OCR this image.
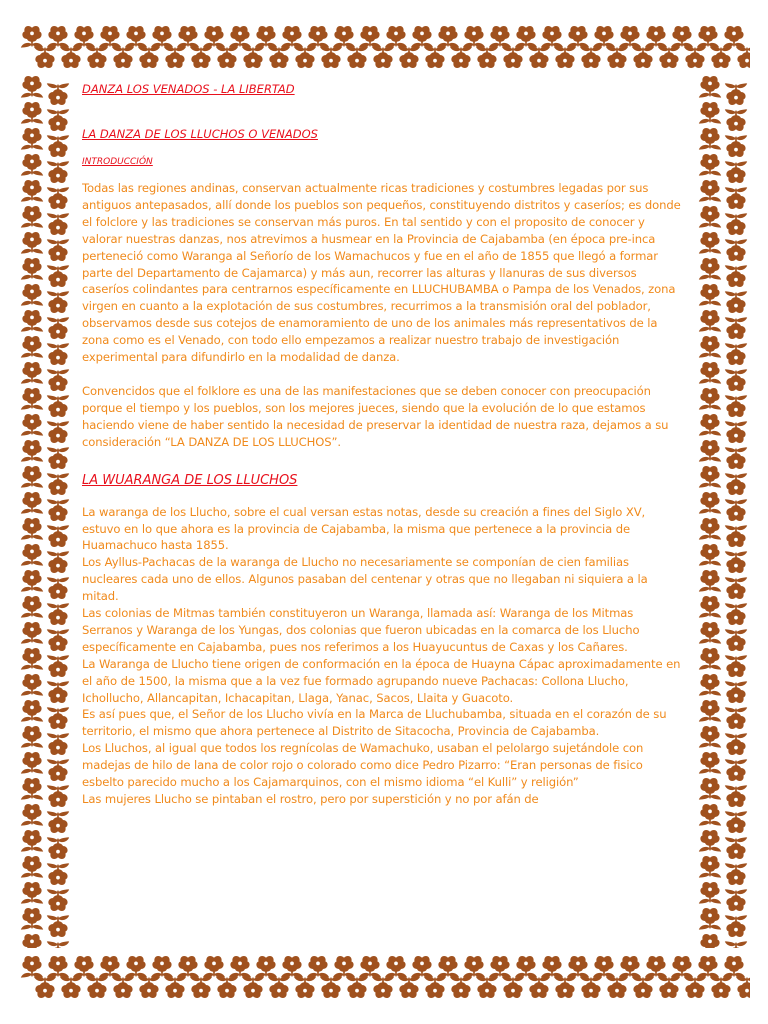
DANZA LOS VENADOS - LA LIBERTAD
LA DANZA DE LOS LLUCHOS O VENADOS
INTRODUCCIÓN

Todas las regiones andinas, conservan actualmente ricas tradiciones y costumbres legadas por sus antiguos antepasados, allí donde los pueblos son pequeños, constituyendo distritos y caseríos; es donde el folclore y las tradiciones se conservan más puros. En tal sentido y con el proposito de conocer y valorar nuestras danzas, nos atrevimos a husmear en la Provincia de Cajabamba (en época pre-inca perteneció como Waranga al Señorío de los Wamachucos y fue en el año de 1855 que llegó a formar parte del Departamento de Cajamarca) y más aun, recorrer las alturas y llanuras de sus diversos caseríos colindantes para centrarnos específicamente en LLUCHUBAMBA o Pampa de los Venados, zona virgen en cuanto a la explotación de sus costumbres, recurrimos a la transmisión oral del poblador, observamos desde sus cotejos de enamoramiento de uno de los animales más representativos de la zona como es el Venado, con todo ello empezamos a realizar nuestro trabajo de investigación experimental para difundirlo en la modalidad de danza.

Convencidos que el folklore es una de las manifestaciones que se deben conocer con preocupación porque el tiempo y los pueblos, son los mejores jueces, siendo que la evolución de lo que estamos haciendo viene de haber sentido la necesidad de preservar la identidad de nuestra raza, dejamos a su consideración “LA DANZA DE LOS LLUCHOS”.

LA WUARANGA DE LOS LLUCHOS

La waranga de los Llucho, sobre el cual versan estas notas, desde su creación a fines del Siglo XV, estuvo en lo que ahora es la provincia de Cajabamba, la misma que pertenece a la provincia de Huamachuco hasta 1855.

Los Ayllus-Pachacas de la waranga de Llucho no necesariamente se componían de cien familias nucleares cada uno de ellos. Algunos pasaban del centenar y otras que no llegaban ni siquiera a la mitad.

Las colonias de Mitmas también constituyeron un Waranga, llamada así: Waranga de los Mitmas Serranos y Waranga de los Yungas, dos colonias que fueron ubicadas en la comarca de los Llucho específicamente en Cajabamba, pues nos referimos a los Huayucuntus de Caxas y los Cañares.

La Waranga de Llucho tiene origen de conformación en la época de Huayna Cápac aproximadamente en el año de 1500, la misma que a la vez fue formado agrupando nueve Pachacas: Collona Llucho, Ichollucho, Allancapitan, Ichacapitan, Llaga, Yanac, Sacos, Llaita y Guacoto.

Es así pues que, el Señor de los Llucho vivía en la Marca de Lluchubamba, situada en el corazón de su territorio, el mismo que ahora pertenece al Distrito de Sitacocha, Provincia de Cajabamba.

Los Lluchos, al igual que todos los regnícolas de Wamachuko, usaban el pelolargo sujetándole con madejas de hilo de lana de color rojo o colorado como dice Pedro Pizarro: “Eran personas de fisico esbelto parecido mucho a los Cajamarquinos, con el mismo idioma “el Kulli” y religión”

Las mujeres Llucho se pintaban el rostro, pero por superstición y no por afán de
